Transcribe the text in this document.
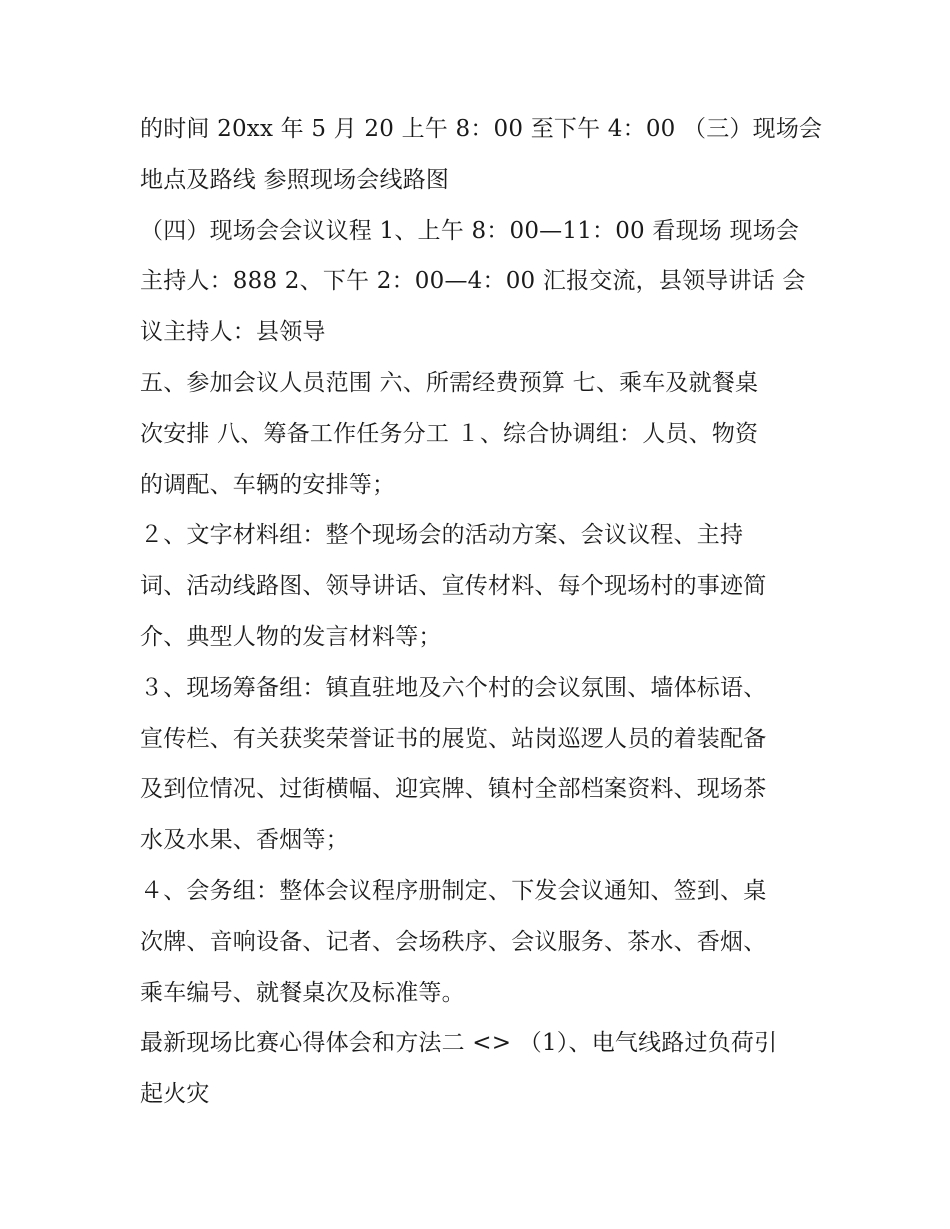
的时间 20xx 年 5 月 20 上午 8：00 至下午 4：00 （三）现场会
地点及路线 参照现场会线路图
（四）现场会会议议程 1、上午 8：00—11：00 看现场 现场会
主持人：888 2、下午 2：00—4：00 汇报交流，县领导讲话 会
议主持人：县领导
五、参加会议人员范围 六、所需经费预算 七、乘车及就餐桌
次安排 八、筹备工作任务分工 １、综合协调组：人员、物资
的调配、车辆的安排等；
２、文字材料组：整个现场会的活动方案、会议议程、主持
词、活动线路图、领导讲话、宣传材料、每个现场村的事迹简
介、典型人物的发言材料等；
３、现场筹备组：镇直驻地及六个村的会议氛围、墙体标语、
宣传栏、有关获奖荣誉证书的展览、站岗巡逻人员的着装配备
及到位情况、过街横幅、迎宾牌、镇村全部档案资料、现场茶
水及水果、香烟等；
４、会务组：整体会议程序册制定、下发会议通知、签到、桌
次牌、音响设备、记者、会场秩序、会议服务、茶水、香烟、
乘车编号、就餐桌次及标准等。
最新现场比赛心得体会和方法二 <> （1）、电气线路过负荷引
起火灾
